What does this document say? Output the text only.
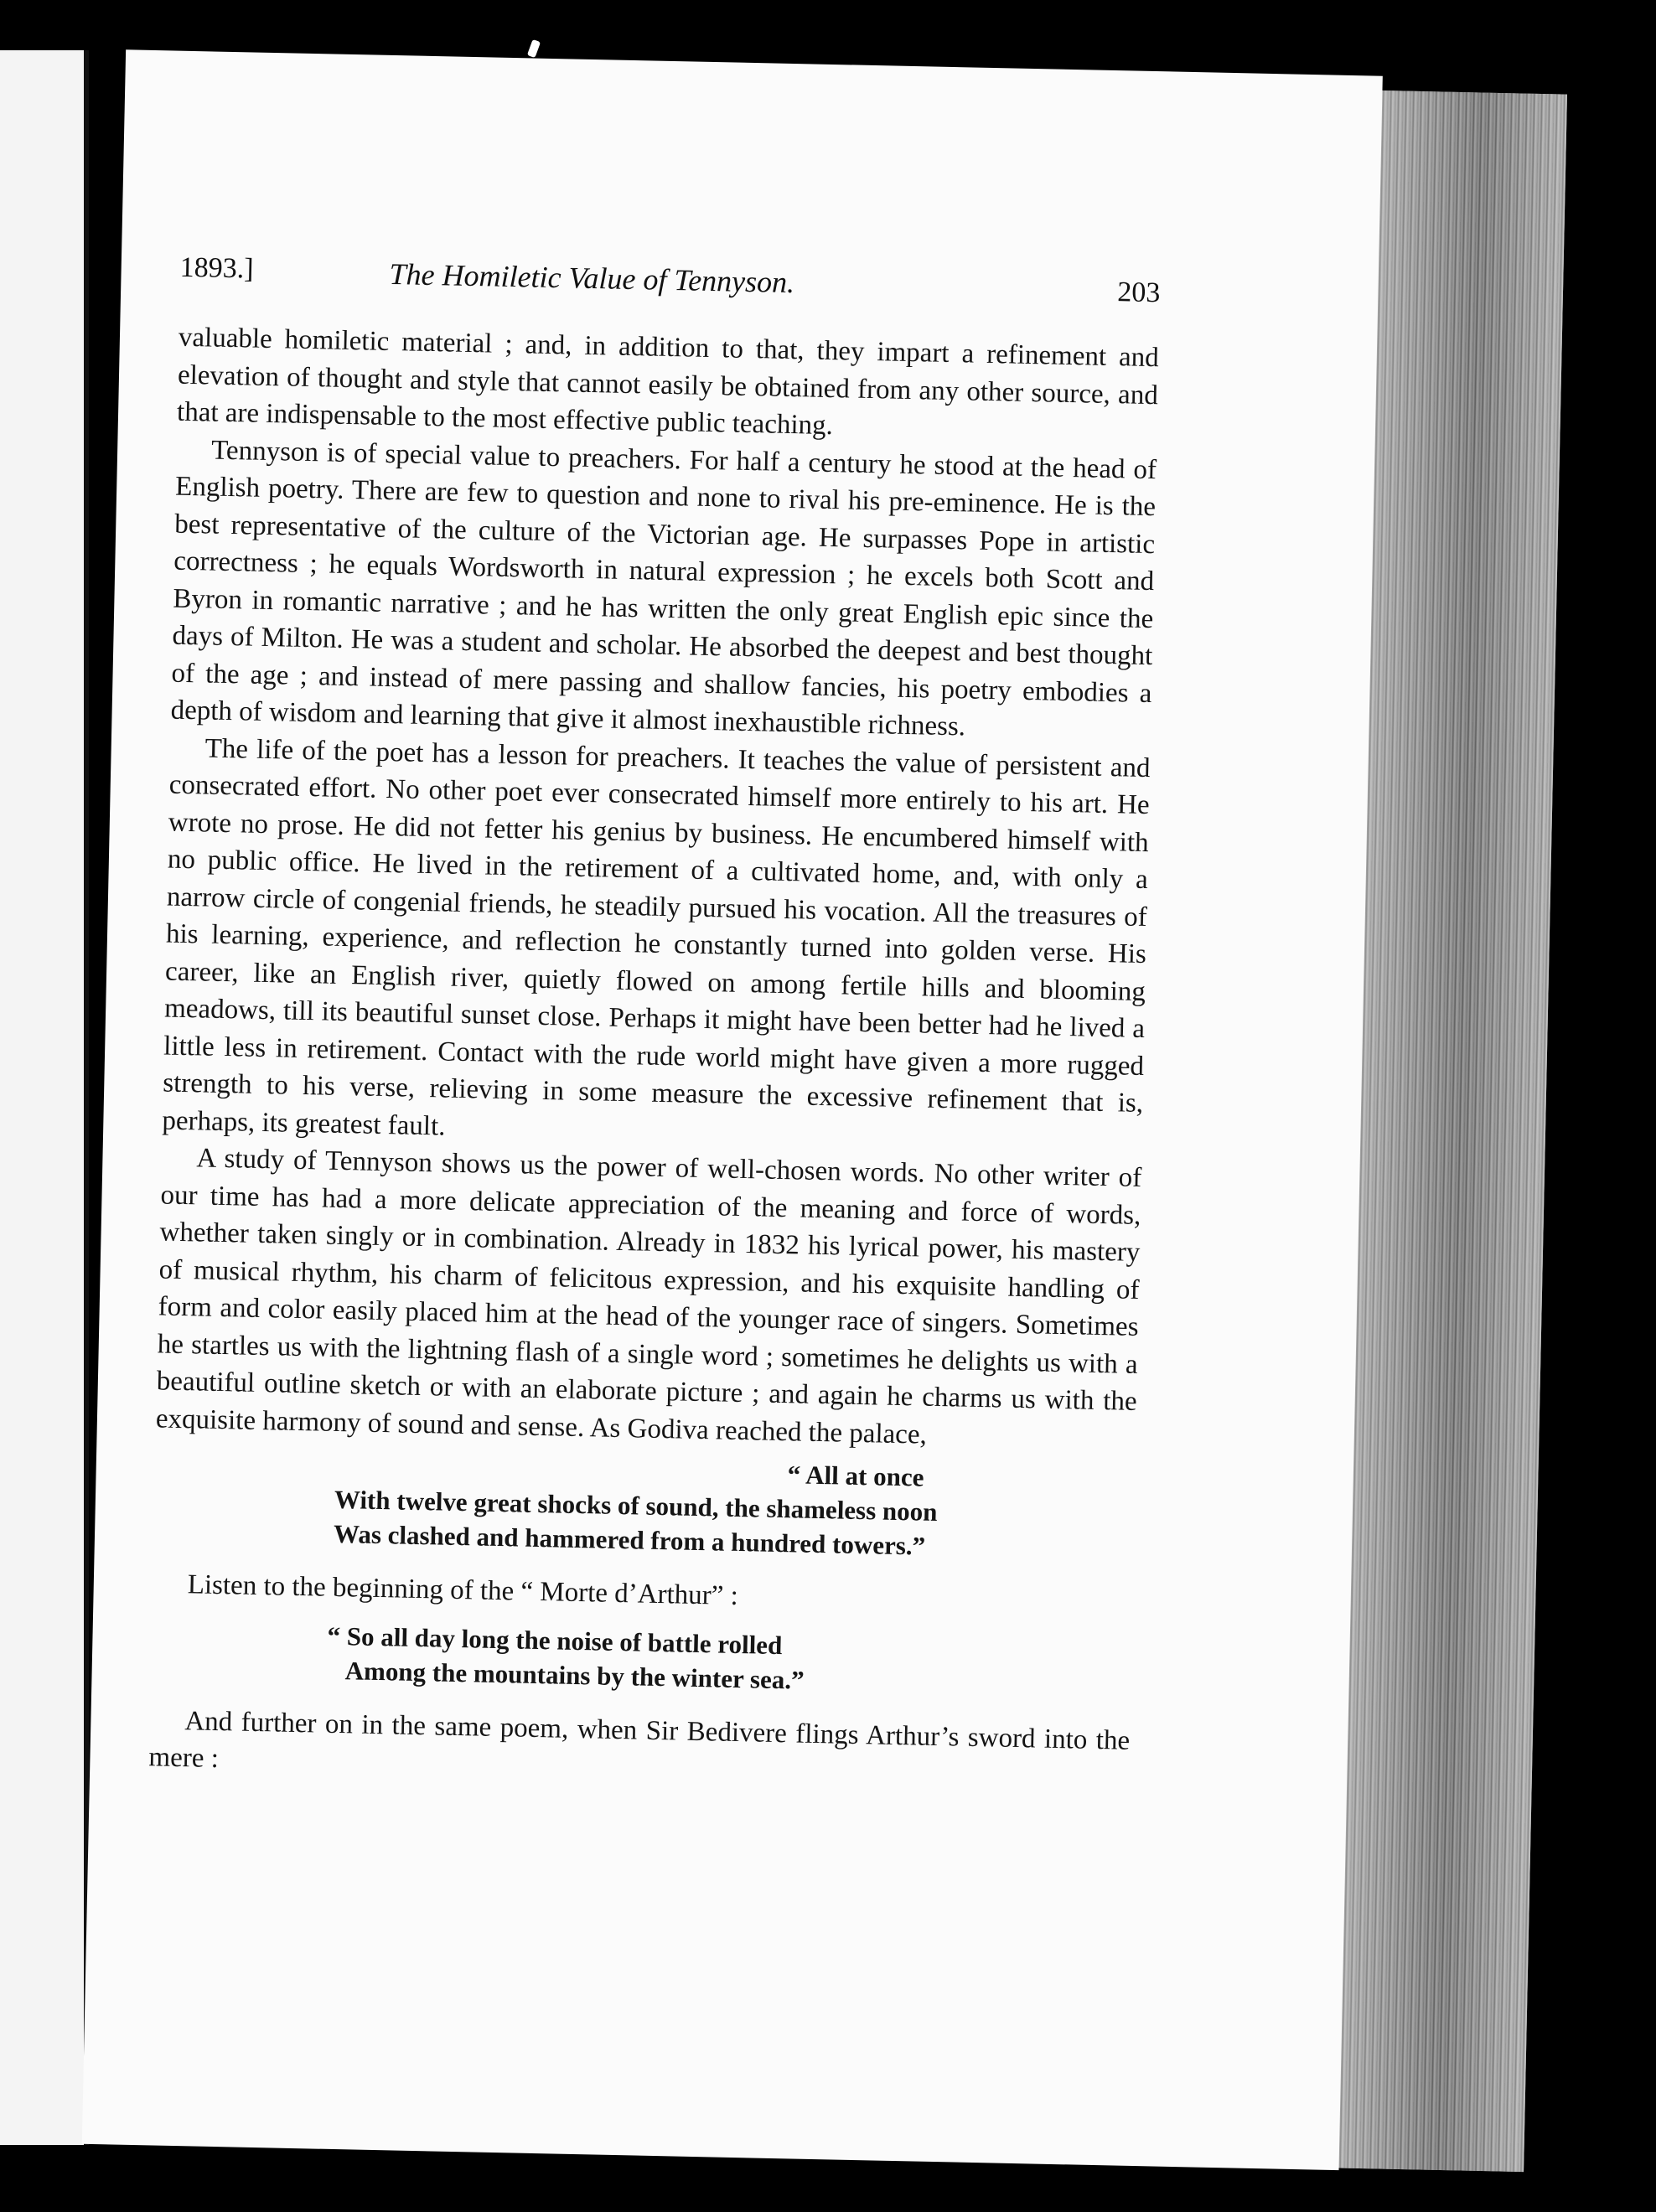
1893.]	The Homiletic Value of Tennyson.	203

valuable homiletic material ; and, in addition to that, they impart a refinement and elevation of thought and style that cannot easily be obtained from any other source, and that are indispensable to the most effective public teaching.

Tennyson is of special value to preachers. For half a century he stood at the head of English poetry. There are few to question and none to rival his pre-eminence. He is the best representative of the culture of the Victorian age. He surpasses Pope in artistic correctness ; he equals Wordsworth in natural expression ; he excels both Scott and Byron in romantic narrative ; and he has written the only great English epic since the days of Milton. He was a student and scholar. He absorbed the deepest and best thought of the age ; and instead of mere passing and shallow fancies, his poetry embodies a depth of wisdom and learning that give it almost inexhaustible richness.

The life of the poet has a lesson for preachers. It teaches the value of persistent and consecrated effort. No other poet ever consecrated himself more entirely to his art. He wrote no prose. He did not fetter his genius by business. He encumbered himself with no public office. He lived in the retirement of a cultivated home, and, with only a narrow circle of congenial friends, he steadily pursued his vocation. All the treasures of his learning, experience, and reflection he constantly turned into golden verse. His career, like an English river, quietly flowed on among fertile hills and blooming meadows, till its beautiful sunset close. Perhaps it might have been better had he lived a little less in retirement. Contact with the rude world might have given a more rugged strength to his verse, relieving in some measure the excessive refinement that is, perhaps, its greatest fault.

A study of Tennyson shows us the power of well-chosen words. No other writer of our time has had a more delicate appreciation of the meaning and force of words, whether taken singly or in combination. Already in 1832 his lyrical power, his mastery of musical rhythm, his charm of felicitous expression, and his exquisite handling of form and color easily placed him at the head of the younger race of singers. Sometimes he startles us with the lightning flash of a single word ; sometimes he delights us with a beautiful outline sketch or with an elaborate picture ; and again he charms us with the exquisite harmony of sound and sense. As Godiva reached the palace,

“ All at once
With twelve great shocks of sound, the shameless noon
Was clashed and hammered from a hundred towers.”

Listen to the beginning of the “ Morte d’Arthur” :

“ So all day long the noise of battle rolled
Among the mountains by the winter sea.”

And further on in the same poem, when Sir Bedivere flings Arthur’s sword into the mere :
